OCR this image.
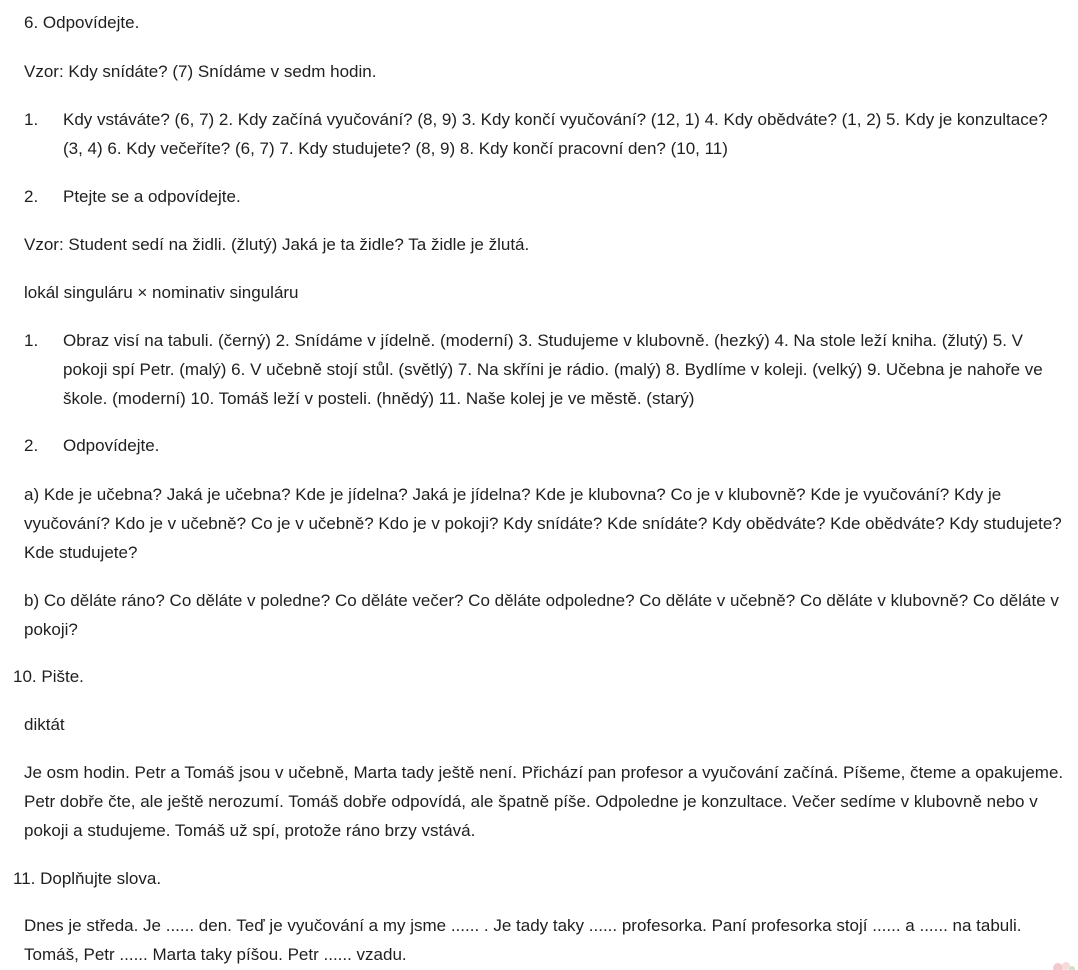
6. Odpovídejte.

Vzor: Kdy snídáte? (7) Snídáme v sedm hodin.

1. Kdy vstáváte? (6, 7) 2. Kdy začíná vyučování? (8, 9) 3. Kdy končí vyučování? (12, 1) 4. Kdy obědváte? (1, 2) 5. Kdy je konzultace? (3, 4) 6. Kdy večeříte? (6, 7) 7. Kdy studujete? (8, 9) 8. Kdy končí pracovní den? (10, 11)
2. Ptejte se a odpovídejte.

Vzor: Student sedí na židli. (žlutý) Jaká je ta židle? Ta židle je žlutá.

lokál singuláru × nominativ singuláru

1. Obraz visí na tabuli. (černý) 2. Snídáme v jídelně. (moderní) 3. Studujeme v klubovně. (hezký) 4. Na stole leží kniha. (žlutý) 5. V pokoji spí Petr. (malý) 6. V učebně stojí stůl. (světlý) 7. Na skříni je rádio. (malý) 8. Bydlíme v koleji. (velký) 9. Učebna je nahoře ve škole. (moderní) 10. Tomáš leží v posteli. (hnědý) 11. Naše kolej je ve městě. (starý)
2. Odpovídejte.

a) Kde je učebna? Jaká je učebna? Kde je jídelna? Jaká je jídelna? Kde je klubovna? Co je v klubovně? Kde je vyučování? Kdy je vyučování? Kdo je v učebně? Co je v učebně? Kdo je v pokoji? Kdy snídáte? Kde snídáte? Kdy obědváte? Kde obědváte? Kdy studujete? Kde studujete?

b) Co děláte ráno? Co děláte v poledne? Co děláte večer? Co děláte odpoledne? Co děláte v učebně? Co děláte v klubovně? Co děláte v pokoji?

10. Pište.

diktát

Je osm hodin. Petr a Tomáš jsou v učebně, Marta tady ještě není. Přichází pan profesor a vyučování začíná. Píšeme, čteme a opakujeme. Petr dobře čte, ale ještě nerozumí. Tomáš dobře odpovídá, ale špatně píše. Odpoledne je konzultace. Večer sedíme v klubovně nebo v pokoji a studujeme. Tomáš už spí, protože ráno brzy vstává.

11. Doplňujte slova.

Dnes je středa. Je ...... den. Teď je vyučování a my jsme ...... . Je tady taky ...... profesorka. Paní profesorka stojí ...... a ...... na tabuli. Tomáš, Petr ...... Marta taky píšou. Petr ...... vzadu.
